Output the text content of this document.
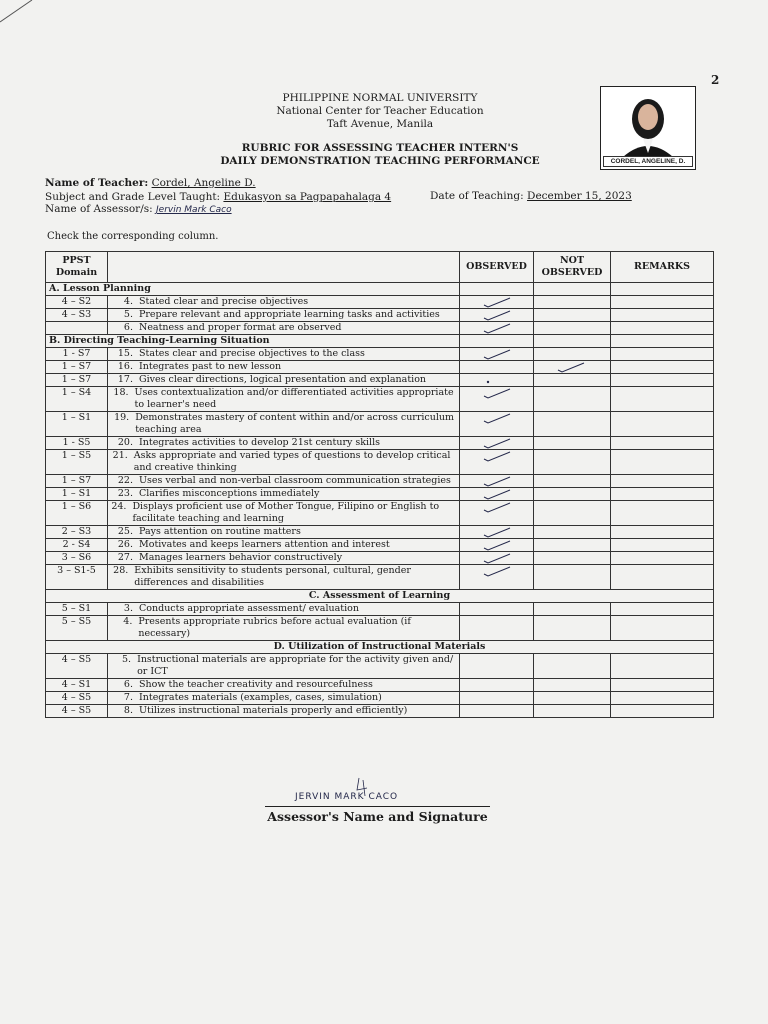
2
PHILIPPINE NORMAL UNIVERSITY
National Center for Teacher Education
Taft Avenue, Manila
RUBRIC FOR ASSESSING TEACHER INTERN'S
DAILY DEMONSTRATION TEACHING PERFORMANCE	CORDEL, ANGELINE, D.
Name of Teacher: Cordel, Angeline D.
Subject and Grade Level Taught: Edukasyon sa Pagpapahalaga 4	Date of Teaching: December 15, 2023
Name of Assessor/s: Jervin Mark Caco
Check the corresponding column.
PPST Domain		OBSERVED	NOT OBSERVED	REMARKS
A. Lesson Planning				
4 – S2	4. Stated clear and precise objectives

4 – S3	5. Prepare relevant and appropriate learning tasks and activities

	6. Neatness and proper format are observed

B. Directing Teaching-Learning Situation				
1 - S7	15. States clear and precise objectives to the class

1 – S7	16. Integrates past to new lesson

1 – S7	17. Gives clear directions, logical presentation and explanation

1 – S4	18. Uses contextualization and/or differentiated activities appropriate to learner's need

1 – S1	19. Demonstrates mastery of content within and/or across curriculum teaching area

1 - S5	20. Integrates activities to develop 21st century skills

1 – S5	21. Asks appropriate and varied types of questions to develop critical and creative thinking

1 – S7	22. Uses verbal and non-verbal classroom communication strategies

1 – S1	23. Clarifies misconceptions immediately

1 – S6	24. Displays proficient use of Mother Tongue, Filipino or English to facilitate teaching and learning

2 – S3	25. Pays attention on routine matters

2 - S4	26. Motivates and keeps learners attention and interest

3 – S6	27. Manages learners behavior constructively

3 – S1-5	28. Exhibits sensitivity to students personal, cultural, gender differences and disabilities

C. Assessment of Learning				
5 – S1	3. Conducts appropriate assessment/ evaluation			

5 – S5	4. Presents appropriate rubrics before actual evaluation (if necessary)			

D. Utilization of Instructional Materials				
4 – S5	5. Instructional materials are appropriate for the activity given and/ or ICT			

4 – S1	6. Show the teacher creativity and resourcefulness			

4 – S5	7. Integrates materials (examples, cases, simulation)			

4 – S5	8. Utilizes instructional materials properly and efficiently)			

JERVIN MARK CACO
Assessor's Name and Signature
